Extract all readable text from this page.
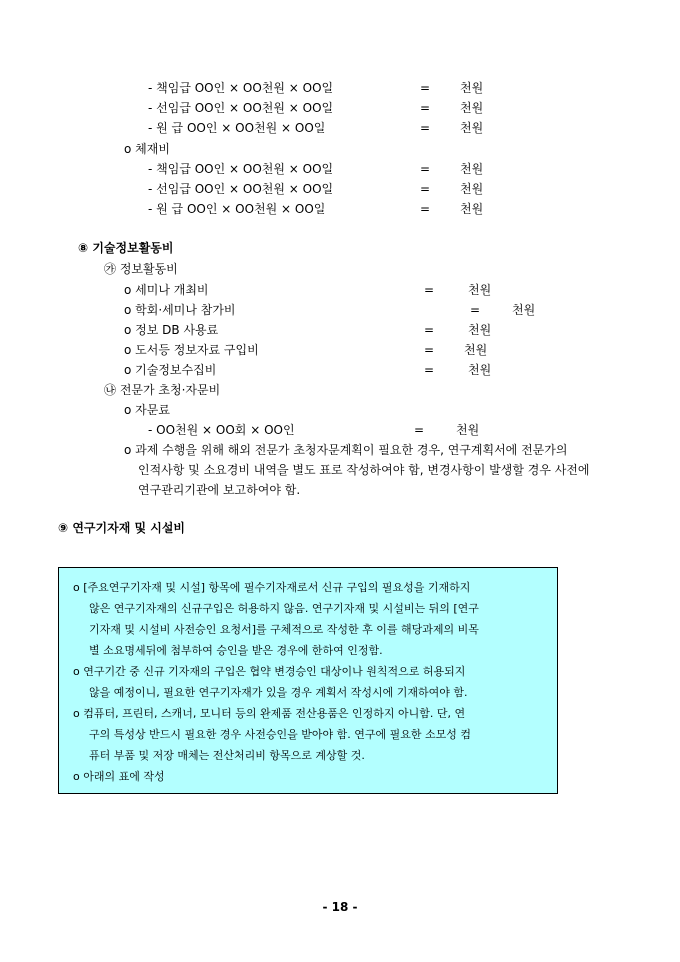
- 책임급 OO인 × OO천원 × OO일	= 천원
- 선임급 OO인 × OO천원 × OO일	= 천원
- 원 급 OO인 × OO천원 × OO일	= 천원
o 체재비
- 책임급 OO인 × OO천원 × OO일	= 천원
- 선임급 OO인 × OO천원 × OO일	= 천원
- 원 급 OO인 × OO천원 × OO일	= 천원
⑧ 기술정보활동비
㉮ 정보활동비
o 세미나 개최비	=	천원
o 학회·세미나 참가비	=	천원
o 정보 DB 사용료	=	천원
o 도서등 정보자료 구입비	= 천원
o 기술정보수집비	=	천원
㉯ 전문가 초청·자문비
o 자문료
- OO천원 × OO회 × OO인	=	천원
o 과제 수행을 위해 해외 전문가 초청자문계획이 필요한 경우, 연구계획서에 전문가의
인적사항 및 소요경비 내역을 별도 표로 작성하여야 함, 변경사항이 발생할 경우 사전에
연구관리기관에 보고하여야 함.
⑨ 연구기자재 및 시설비
o [주요연구기자재 및 시설] 항목에 필수기자재로서 신규 구입의 필요성을 기재하지
않은 연구기자재의 신규구입은 허용하지 않음. 연구기자재 및 시설비는 뒤의 [연구
기자재 및 시설비 사전승인 요청서]를 구체적으로 작성한 후 이를 해당과제의 비목
별 소요명세뒤에 첨부하여 승인을 받은 경우에 한하여 인정함.
o 연구기간 중 신규 기자재의 구입은 협약 변경승인 대상이나 원칙적으로 허용되지
않을 예정이니, 필요한 연구기자재가 있을 경우 계획서 작성시에 기재하여야 함.
o 컴퓨터, 프린터, 스캐너, 모니터 등의 완제품 전산용품은 인정하지 아니함. 단, 연
구의 특성상 반드시 필요한 경우 사전승인을 받아야 함. 연구에 필요한 소모성 컴
퓨터 부품 및 저장 매체는 전산처리비 항목으로 계상할 것.
o 아래의 표에 작성
- 18 -
